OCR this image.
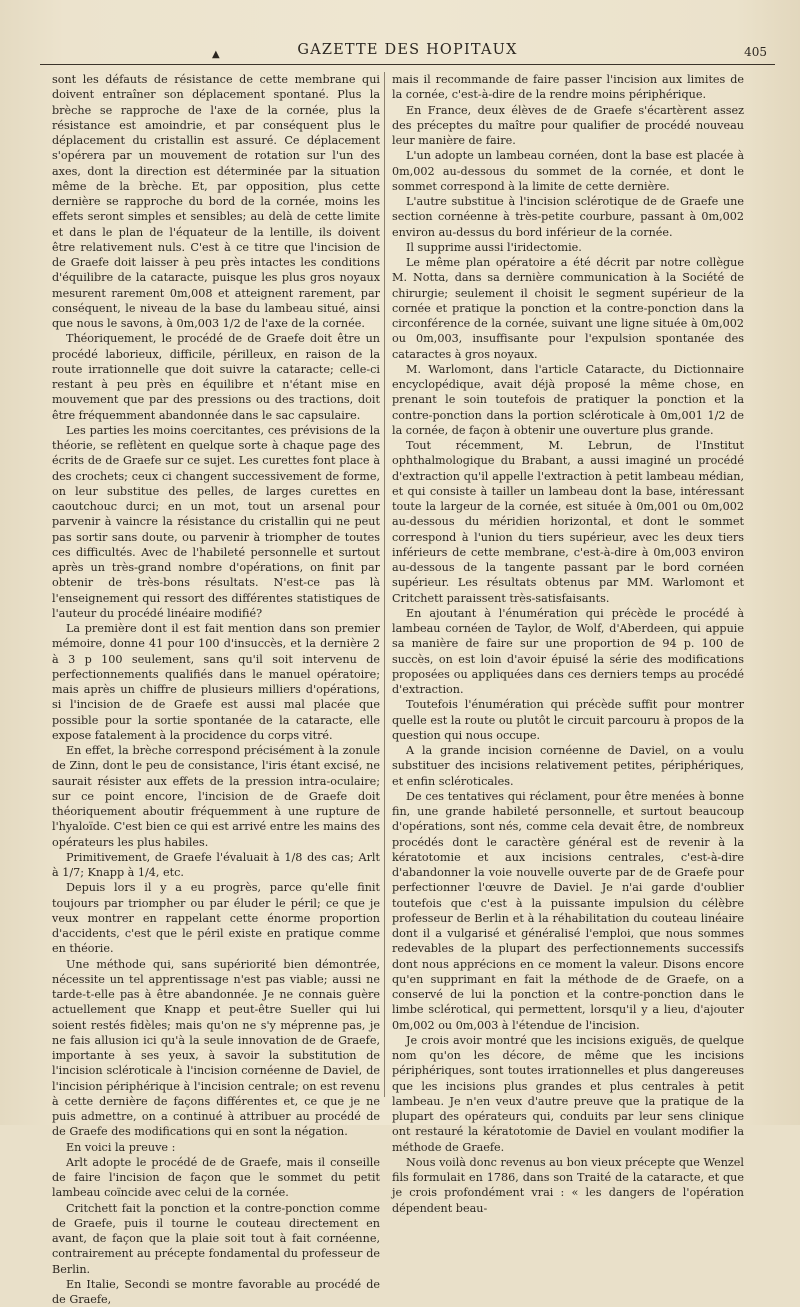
▲	GAZETTE DES HOPITAUX	405

sont les défauts de résistance de cette membrane qui doivent entraîner son déplacement spontané. Plus la brèche se rapproche de l'axe de la cornée, plus la résistance est amoindrie, et par conséquent plus le déplacement du cristallin est assuré. Ce déplacement s'opérera par un mouvement de rotation sur l'un des axes, dont la direction est déterminée par la situation même de la brèche. Et, par opposition, plus cette dernière se rapproche du bord de la cornée, moins les effets seront simples et sensibles; au delà de cette limite et dans le plan de l'équateur de la lentille, ils doivent être relativement nuls. C'est à ce titre que l'incision de de Graefe doit laisser à peu près intactes les conditions d'équilibre de la cataracte, puisque les plus gros noyaux mesurent rarement 0m,008 et atteignent rarement, par conséquent, le niveau de la base du lambeau situé, ainsi que nous le savons, à 0m,003 1/2 de l'axe de la cornée.

Théoriquement, le procédé de de Graefe doit être un procédé laborieux, difficile, périlleux, en raison de la route irrationnelle que doit suivre la cataracte; celle-ci restant à peu près en équilibre et n'étant mise en mouvement que par des pressions ou des tractions, doit être fréquemment abandonnée dans le sac capsulaire.

Les parties les moins coercitantes, ces prévisions de la théorie, se reflètent en quelque sorte à chaque page des écrits de de Graefe sur ce sujet. Les curettes font place à des crochets; ceux ci changent successivement de forme, on leur substitue des pelles, de larges curettes en caoutchouc durci; en un mot, tout un arsenal pour parvenir à vaincre la résistance du cristallin qui ne peut pas sortir sans doute, ou parvenir à triompher de toutes ces difficultés. Avec de l'habileté personnelle et surtout après un très-grand nombre d'opérations, on finit par obtenir de très-bons résultats. N'est-ce pas là l'enseignement qui ressort des différentes statistiques de l'auteur du procédé linéaire modifié?

La première dont il est fait mention dans son premier mémoire, donne 41 pour 100 d'insuccès, et la dernière 2 à 3 p 100 seulement, sans qu'il soit intervenu de perfectionnements qualifiés dans le manuel opératoire; mais après un chiffre de plusieurs milliers d'opérations, si l'incision de de Graefe est aussi mal placée que possible pour la sortie spontanée de la cataracte, elle expose fatalement à la procidence du corps vitré.

En effet, la brèche correspond précisément à la zonule de Zinn, dont le peu de consistance, l'iris étant excisé, ne saurait résister aux effets de la pression intra-oculaire; sur ce point encore, l'incision de de Graefe doit théoriquement aboutir fréquemment à une rupture de l'hyaloïde. C'est bien ce qui est arrivé entre les mains des opérateurs les plus habiles.

Primitivement, de Graefe l'évaluait à 1/8 des cas; Arlt à 1/7; Knapp à 1/4, etc.

Depuis lors il y a eu progrès, parce qu'elle finit toujours par triompher ou par éluder le péril; ce que je veux montrer en rappelant cette énorme proportion d'accidents, c'est que le péril existe en pratique comme en théorie.

Une méthode qui, sans supériorité bien démontrée, nécessite un tel apprentissage n'est pas viable; aussi ne tarde-t-elle pas à être abandonnée. Je ne connais guère actuellement que Knapp et peut-être Sueller qui lui soient restés fidèles; mais qu'on ne s'y méprenne pas, je ne fais allusion ici qu'à la seule innovation de de Graefe, importante à ses yeux, à savoir la substitution de l'incision scléroticale à l'incision cornéenne de Daviel, de l'incision périphérique à l'incision centrale; on est revenu à cette dernière de façons différentes et, ce que je ne puis admettre, on a continué à attribuer au procédé de de Graefe des modifications qui en sont la négation.

En voici la preuve :

Arlt adopte le procédé de de Graefe, mais il conseille de faire l'incision de façon que le sommet du petit lambeau coïncide avec celui de la cornée.

Critchett fait la ponction et la contre-ponction comme de Graefe, puis il tourne le couteau directement en avant, de façon que la plaie soit tout à fait cornéenne, contrairement au précepte fondamental du professeur de Berlin.

En Italie, Secondi se montre favorable au procédé de de Graefe,

mais il recommande de faire passer l'incision aux limites de la cornée, c'est-à-dire de la rendre moins périphérique.

En France, deux élèves de de Graefe s'écartèrent assez des préceptes du maître pour qualifier de procédé nouveau leur manière de faire.

L'un adopte un lambeau cornéen, dont la base est placée à 0m,002 au-dessous du sommet de la cornée, et dont le sommet correspond à la limite de cette dernière.

L'autre substitue à l'incision sclérotique de de Graefe une section cornéenne à très-petite courbure, passant à 0m,002 environ au-dessus du bord inférieur de la cornée.

Il supprime aussi l'iridectomie.

Le même plan opératoire a été décrit par notre collègue M. Notta, dans sa dernière communication à la Société de chirurgie; seulement il choisit le segment supérieur de la cornée et pratique la ponction et la contre-ponction dans la circonférence de la cornée, suivant une ligne située à 0m,002 ou 0m,003, insuffisante pour l'expulsion spontanée des cataractes à gros noyaux.

M. Warlomont, dans l'article Cataracte, du Dictionnaire encyclopédique, avait déjà proposé la même chose, en prenant le soin toutefois de pratiquer la ponction et la contre-ponction dans la portion scléroticale à 0m,001 1/2 de la cornée, de façon à obtenir une ouverture plus grande.

Tout récemment, M. Lebrun, de l'Institut ophthalmologique du Brabant, a aussi imaginé un procédé d'extraction qu'il appelle l'extraction à petit lambeau médian, et qui consiste à tailler un lambeau dont la base, intéressant toute la largeur de la cornée, est située à 0m,001 ou 0m,002 au-dessous du méridien horizontal, et dont le sommet correspond à l'union du tiers supérieur, avec les deux tiers inférieurs de cette membrane, c'est-à-dire à 0m,003 environ au-dessous de la tangente passant par le bord cornéen supérieur. Les résultats obtenus par MM. Warlomont et Critchett paraissent très-satisfaisants.

En ajoutant à l'énumération qui précède le procédé à lambeau cornéen de Taylor, de Wolf, d'Aberdeen, qui appuie sa manière de faire sur une proportion de 94 p. 100 de succès, on est loin d'avoir épuisé la série des modifications proposées ou appliquées dans ces derniers temps au procédé d'extraction.

Toutefois l'énumération qui précède suffit pour montrer quelle est la route ou plutôt le circuit parcouru à propos de la question qui nous occupe.

A la grande incision cornéenne de Daviel, on a voulu substituer des incisions relativement petites, périphériques, et enfin scléroticales.

De ces tentatives qui réclament, pour être menées à bonne fin, une grande habileté personnelle, et surtout beaucoup d'opérations, sont nés, comme cela devait être, de nombreux procédés dont le caractère général est de revenir à la kératotomie et aux incisions centrales, c'est-à-dire d'abandonner la voie nouvelle ouverte par de de Graefe pour perfectionner l'œuvre de Daviel. Je n'ai garde d'oublier toutefois que c'est à la puissante impulsion du célèbre professeur de Berlin et à la réhabilitation du couteau linéaire dont il a vulgarisé et généralisé l'emploi, que nous sommes redevables de la plupart des perfectionnements successifs dont nous apprécions en ce moment la valeur. Disons encore qu'en supprimant en fait la méthode de de Graefe, on a conservé de lui la ponction et la contre-ponction dans le limbe sclérotical, qui permettent, lorsqu'il y a lieu, d'ajouter 0m,002 ou 0m,003 à l'étendue de l'incision.

Je crois avoir montré que les incisions exiguës, de quelque nom qu'on les décore, de même que les incisions périphériques, sont toutes irrationnelles et plus dangereuses que les incisions plus grandes et plus centrales à petit lambeau. Je n'en veux d'autre preuve que la pratique de la plupart des opérateurs qui, conduits par leur sens clinique ont restauré la kératotomie de Daviel en voulant modifier la méthode de Graefe.

Nous voilà donc revenus au bon vieux précepte que Wenzel fils formulait en 1786, dans son Traité de la cataracte, et que je crois profondément vrai : « les dangers de l'opération dépendent beau-
